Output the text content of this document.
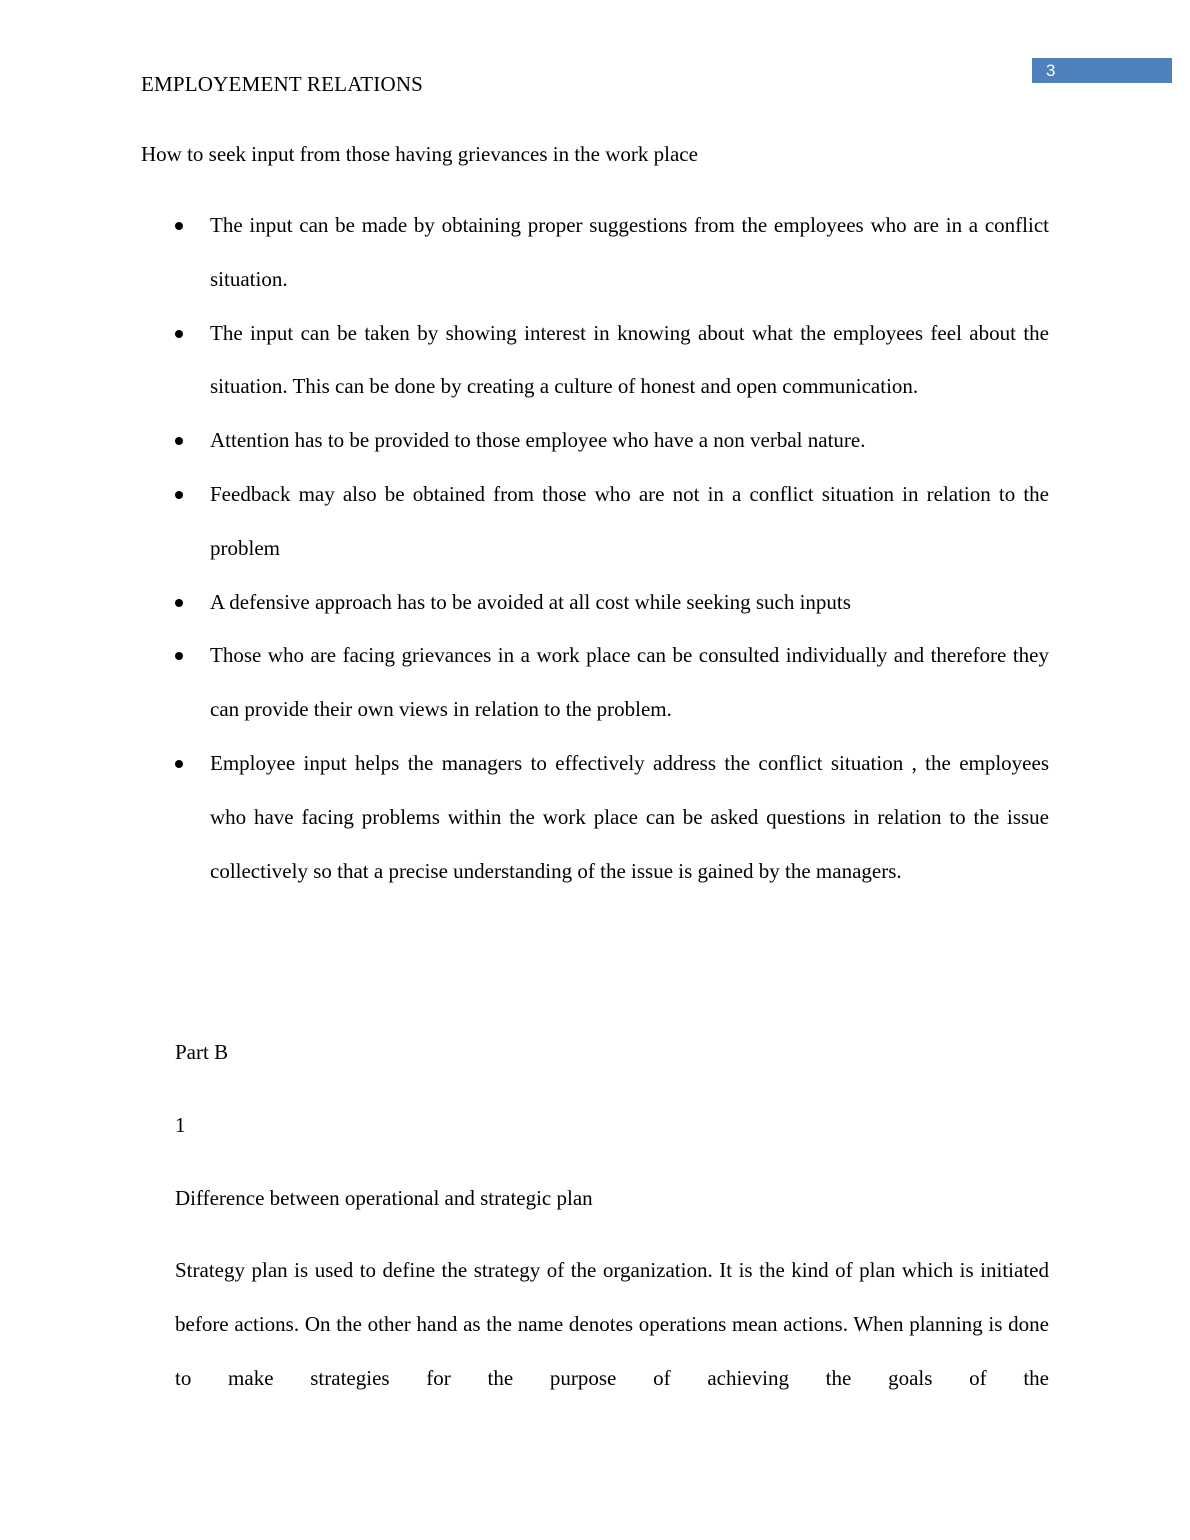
3
EMPLOYEMENT RELATIONS
How to seek input from those having grievances in the work place
The input can be made by obtaining proper suggestions from the employees who are in a conflict situation.
The input can be taken by showing interest in knowing about what the employees feel about the situation. This can be done by creating a culture of honest and open communication.
Attention has to be provided to those employee who have a non verbal nature.
Feedback may also be obtained from those who are not in a conflict situation in relation to the problem
A defensive approach has to be avoided at all cost while seeking such inputs
Those who are facing grievances in a work place can be consulted individually and therefore they can provide their own views in relation to the problem.
Employee input helps the managers to effectively address the conflict situation , the employees who have facing problems within the work place can be asked questions in relation to the issue collectively so that a precise understanding of the issue is gained by the managers.
Part B
1
Difference between operational and strategic plan

Strategy plan is used to define the strategy of the organization. It is the kind of plan which is initiated before actions. On the other hand as the name denotes operations mean actions. When planning is done to make strategies for the purpose of achieving the goals of the
